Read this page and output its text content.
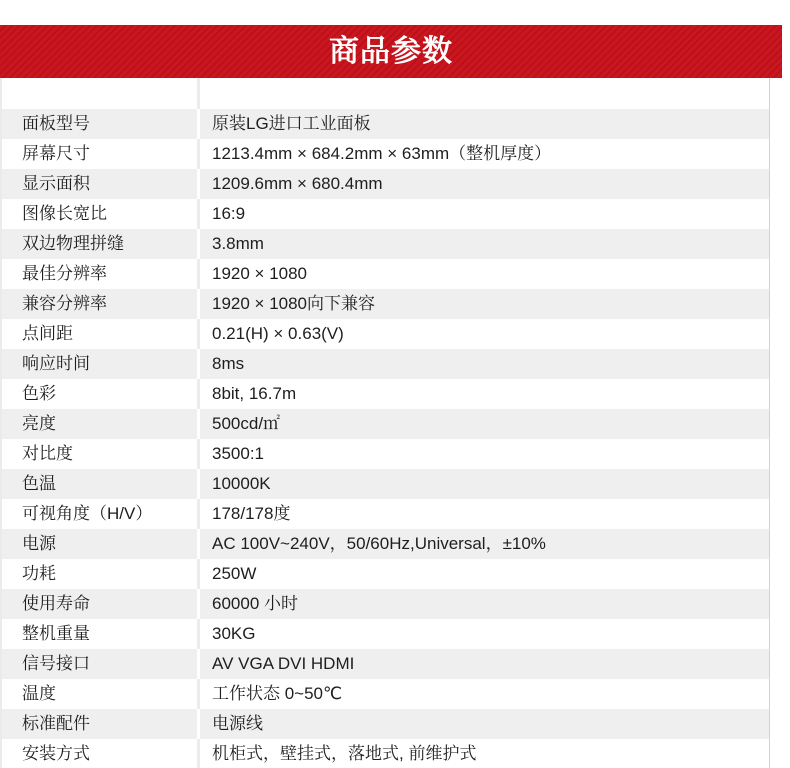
商品参数
面板型号	原装LG进口工业面板
屏幕尺寸	1213.4mm × 684.2mm × 63mm（整机厚度）
显示面积	1209.6mm × 680.4mm
图像长宽比	16:9
双边物理拼缝	3.8mm
最佳分辨率	1920 × 1080
兼容分辨率	1920 × 1080向下兼容
点间距	0.21(H) × 0.63(V)
响应时间	8ms
色彩	8bit, 16.7m
亮度	500cd/㎡
对比度	3500:1
色温	10000K
可视角度（H/V）	178/178度
电源	AC 100V~240V，50/60Hz,Universal，±10%
功耗	250W
使用寿命	60000 小时
整机重量	30KG
信号接口	AV VGA DVI HDMI
温度	工作状态 0~50℃
标准配件	电源线
安装方式	机柜式，壁挂式，落地式, 前维护式
